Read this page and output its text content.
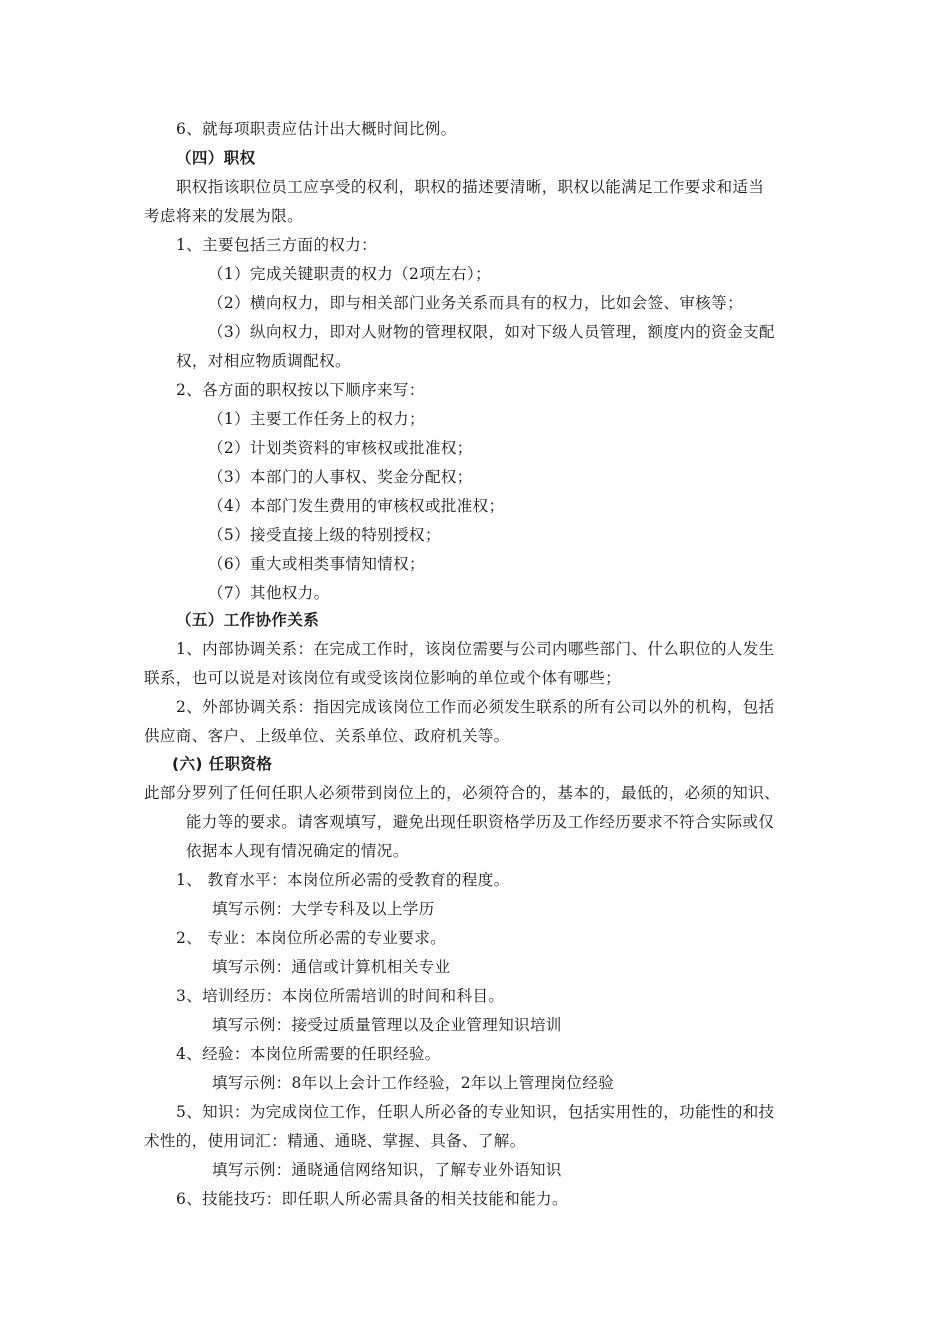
6、就每项职责应估计出大概时间比例。
（四）职权
职权指该职位员工应享受的权利，职权的描述要清晰，职权以能满足工作要求和适当
考虑将来的发展为限。
1、主要包括三方面的权力：
（1）完成关键职责的权力（2项左右）；
（2）横向权力，即与相关部门业务关系而具有的权力，比如会签、审核等；
（3）纵向权力，即对人财物的管理权限，如对下级人员管理，额度内的资金支配
权，对相应物质调配权。
2、各方面的职权按以下顺序来写：
（1）主要工作任务上的权力；
（2）计划类资料的审核权或批准权；
（3）本部门的人事权、奖金分配权；
（4）本部门发生费用的审核权或批准权；
（5）接受直接上级的特别授权；
（6）重大或相类事情知情权；
（7）其他权力。
（五）工作协作关系
1、内部协调关系：在完成工作时，该岗位需要与公司内哪些部门、什么职位的人发生
联系，也可以说是对该岗位有或受该岗位影响的单位或个体有哪些；
2、外部协调关系：指因完成该岗位工作而必须发生联系的所有公司以外的机构，包括
供应商、客户、上级单位、关系单位、政府机关等。
(六) 任职资格
此部分罗列了任何任职人必须带到岗位上的，必须符合的，基本的，最低的，必须的知识、
能力等的要求。请客观填写，避免出现任职资格学历及工作经历要求不符合实际或仅
依据本人现有情况确定的情况。
1、 教育水平：本岗位所必需的受教育的程度。
填写示例：大学专科及以上学历
2、 专业：本岗位所必需的专业要求。
填写示例：通信或计算机相关专业
3、培训经历：本岗位所需培训的时间和科目。
填写示例：接受过质量管理以及企业管理知识培训
4、经验：本岗位所需要的任职经验。
填写示例：8年以上会计工作经验，2年以上管理岗位经验
5、知识：为完成岗位工作，任职人所必备的专业知识，包括实用性的，功能性的和技
术性的，使用词汇：精通、通晓、掌握、具备、了解。
填写示例：通晓通信网络知识，了解专业外语知识
6、技能技巧：即任职人所必需具备的相关技能和能力。
